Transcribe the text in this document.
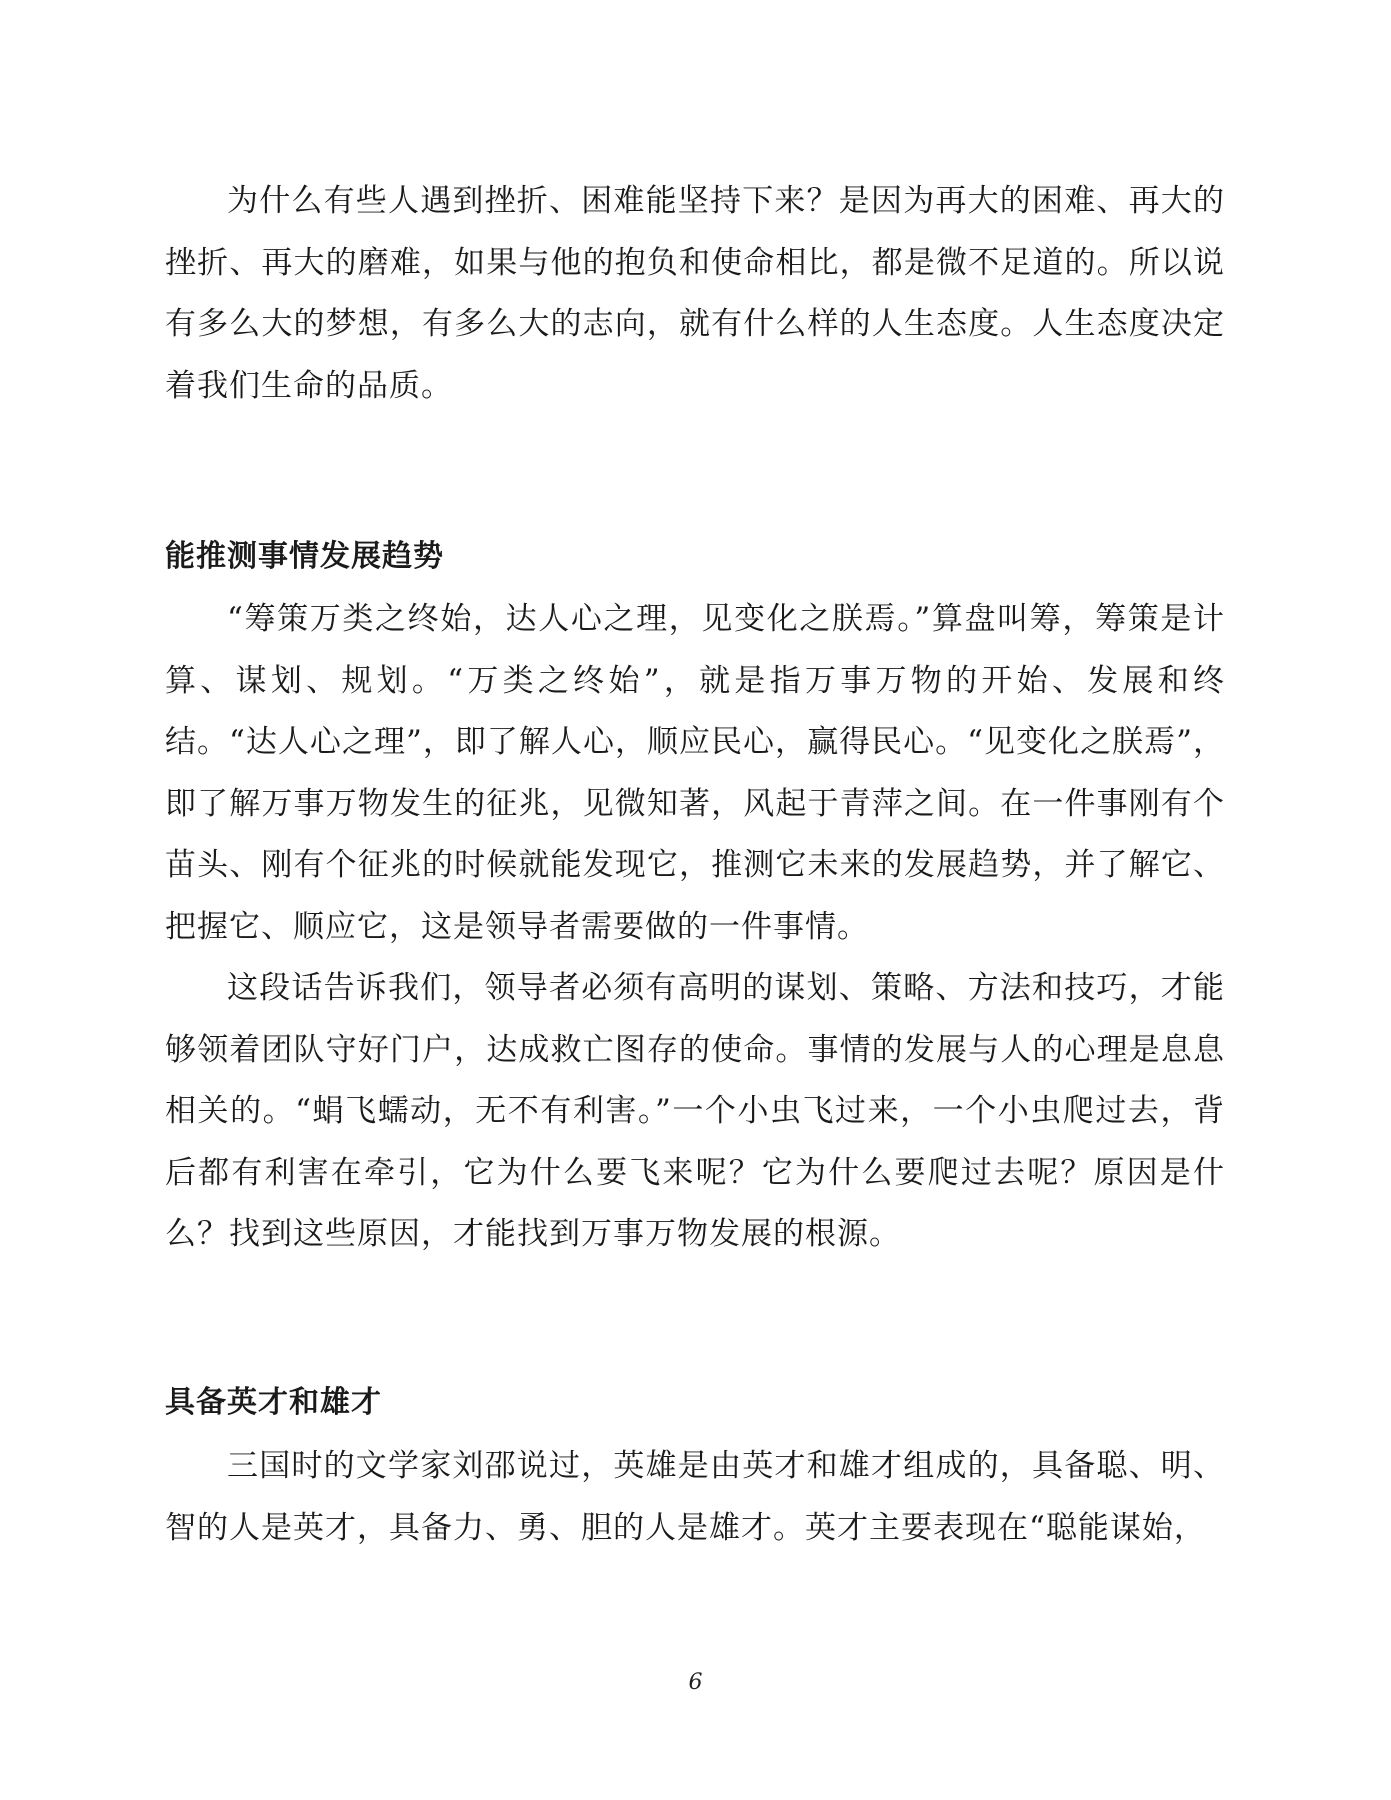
为什么有些人遇到挫折、困难能坚持下来？是因为再大的困难、再大的挫折、再大的磨难，如果与他的抱负和使命相比，都是微不足道的。所以说有多么大的梦想，有多么大的志向，就有什么样的人生态度。人生态度决定着我们生命的品质。

能推测事情发展趋势

“筹策万类之终始，达人心之理，见变化之朕焉。”算盘叫筹，筹策是计算、谋划、规划。“万类之终始”，就是指万事万物的开始、发展和终结。“达人心之理”，即了解人心，顺应民心，赢得民心。“见变化之朕焉”，即了解万事万物发生的征兆，见微知著，风起于青萍之间。在一件事刚有个苗头、刚有个征兆的时候就能发现它，推测它未来的发展趋势，并了解它、把握它、顺应它，这是领导者需要做的一件事情。

这段话告诉我们，领导者必须有高明的谋划、策略、方法和技巧，才能够领着团队守好门户，达成救亡图存的使命。事情的发展与人的心理是息息相关的。“蜎飞蠕动，无不有利害。”一个小虫飞过来，一个小虫爬过去，背后都有利害在牵引，它为什么要飞来呢？它为什么要爬过去呢？原因是什么？找到这些原因，才能找到万事万物发展的根源。

具备英才和雄才

三国时的文学家刘邵说过，英雄是由英才和雄才组成的，具备聪、明、智的人是英才，具备力、勇、胆的人是雄才。英才主要表现在“聪能谋始，

6
